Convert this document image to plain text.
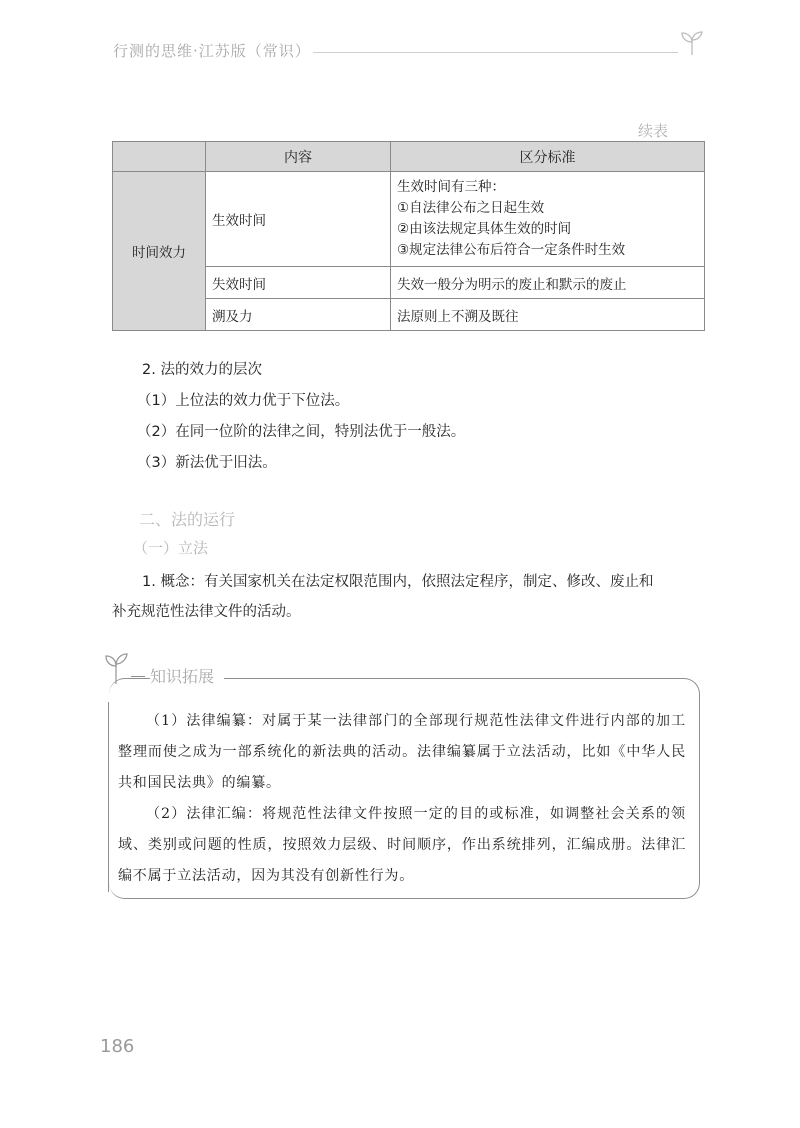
行测的思维·江苏版（常识）
续表
	内容	区分标准
时间效力	生效时间	生效时间有三种：
①自法律公布之日起生效
②由该法规定具体生效的时间
③规定法律公布后符合一定条件时生效

	失效时间	失效一般分为明示的废止和默示的废止
	溯及力	法原则上不溯及既往
2. 法的效力的层次
（1）上位法的效力优于下位法。
（2）在同一位阶的法律之间，特别法优于一般法。
（3）新法优于旧法。
二、法的运行
（一）立法
1. 概念：有关国家机关在法定权限范围内，依照法定程序，制定、修改、废止和
补充规范性法律文件的活动。
知识拓展

（1）法律编纂：对属于某一法律部门的全部现行规范性法律文件进行内部的加工整理而使之成为一部系统化的新法典的活动。法律编纂属于立法活动，比如《中华人民共和国民法典》的编纂。

（2）法律汇编：将规范性法律文件按照一定的目的或标准，如调整社会关系的领域、类别或问题的性质，按照效力层级、时间顺序，作出系统排列，汇编成册。法律汇编不属于立法活动，因为其没有创新性行为。

186
